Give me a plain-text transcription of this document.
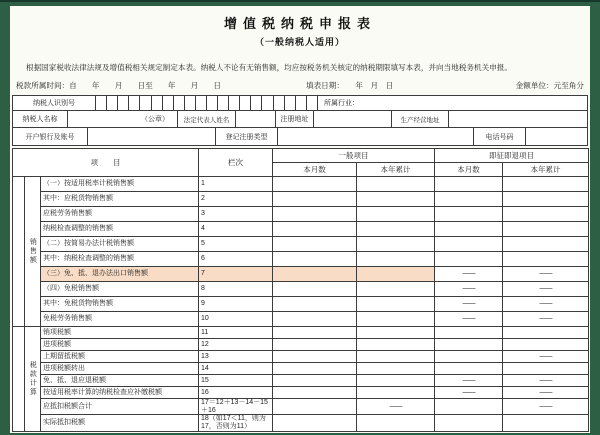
增值税纳税申报表
（一般纳税人适用）
根据国家税收法律法规及增值税相关规定制定本表。纳税人不论有无销售额，均应按税务机关核定的纳税期限填写本表，并向当地税务机关申报。
税款所属时间：自　　年　　月　　日至　　年　　月　　日	填表日期：　　年　月　日	金额单位：元至角分
纳税人识别号	所属行业：
纳税人名称	（公章）	法定代表人姓名	注册地址	生产经营地址
开户银行及账号	登记注册类型	电话号码
项　　目			栏次	一般项目		即征即退项目	
				本月数	本年累计	本月数	本年累计
	销售额	（一）按适用税率计税销售额	1				
		其中：应税货物销售额	2				
		应税劳务销售额	3				
		纳税检查调整的销售额	4				
		（二）按简易办法计税销售额	5				
		其中：纳税检查调整的销售额	6				
		（三）免、抵、退办法出口销售额	7			——	——
		（四）免税销售额	8			——	——
		其中：免税货物销售额	9			——	——
		免税劳务销售额	10			——	——
	税款计算	销项税额	11				
		进项税额	12				
		上期留抵税额	13				——
		进项税额转出	14				
		免、抵、退应退税额	15			——	——
		按适用税率计算的纳税检查应补缴税额	16			——	——
		应抵扣税额合计	17＝12＋13－14－15＋16		——		——
		实际抵扣税额	18（如17＜11，则为17，否则为11）				
